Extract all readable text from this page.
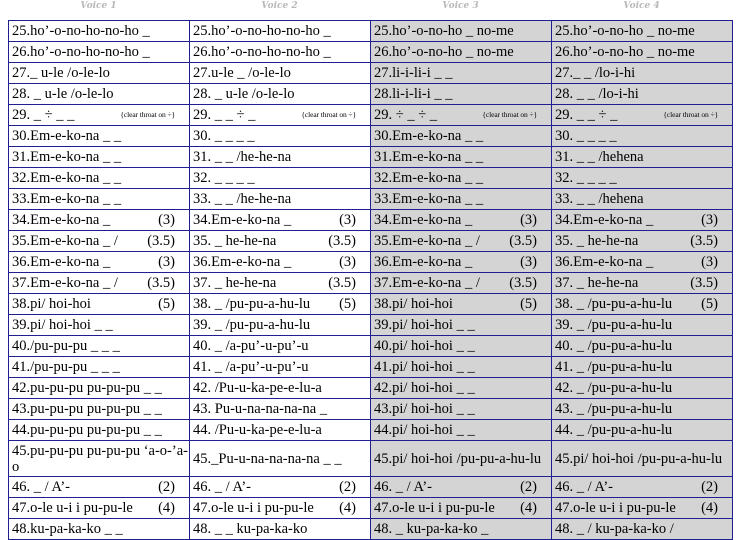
Voice 1	Voice 2	Voice 3	Voice 4
25.ho’-o-no-ho-no-ho _	25.ho’-o-no-ho-no-ho _	25.ho’-o-no-ho _ no-me	25.ho’-o-no-ho _ no-me
26.ho’-o-no-ho-no-ho _	26.ho’-o-no-ho-no-ho _	26.ho’-o-no-ho _ no-me	26.ho’-o-no-ho _ no-me
27._ u-le /o-le-lo	27.u-le _ /o-le-lo	27.li-i-li-i _ _	27._ _ /lo-i-hi
28. _ u-le /o-le-lo	28. _ u-le /o-le-lo	28.li-i-li-i _ _	28. _ _ /lo-i-hi

29. _ ÷ _ _ {clear throat on ÷}	29. _ _ ÷ _ {clear throat on ÷}	29. ÷ _ ÷ _ {clear throat on ÷}	29. _ _ ÷ _ {clear throat on ÷}

30.Em-e-ko-na _ _	30. _ _ _ _	30.Em-e-ko-na _ _	30. _ _ _ _
31.Em-e-ko-na _ _	31. _ _ /he-he-na	31.Em-e-ko-na _ _	31. _ _ /hehena
32.Em-e-ko-na _ _	32. _ _ _ _	32.Em-e-ko-na _ _	32. _ _ _ _
33.Em-e-ko-na _ _	33. _ _ /he-he-na	33.Em-e-ko-na _ _	33. _ _ /hehena

34.Em-e-ko-na _ (3)	34.Em-e-ko-na _ (3)	34.Em-e-ko-na _ (3)	34.Em-e-ko-na _ (3)

35.Em-e-ko-na _ / (3.5)	35. _ he-he-na (3.5)	35.Em-e-ko-na _ / (3.5)	35. _ he-he-na (3.5)

36.Em-e-ko-na _ (3)	36.Em-e-ko-na _ (3)	36.Em-e-ko-na _ (3)	36.Em-e-ko-na _ (3)

37.Em-e-ko-na _ / (3.5)	37. _ he-he-na (3.5)	37.Em-e-ko-na _ / (3.5)	37. _ he-he-na (3.5)

38.pi/ hoi-hoi (5)	38. _ /pu-pu-a-hu-lu (5)	38.pi/ hoi-hoi (5)	38. _ /pu-pu-a-hu-lu (5)

39.pi/ hoi-hoi _ _	39. _ /pu-pu-a-hu-lu	39.pi/ hoi-hoi _ _	39. _ /pu-pu-a-hu-lu
40./pu-pu-pu _ _ _	40. _ /a-pu’-u-pu’-u	40.pi/ hoi-hoi _ _	40. _ /pu-pu-a-hu-lu
41./pu-pu-pu _ _ _	41. _ /a-pu’-u-pu’-u	41.pi/ hoi-hoi _ _	41. _ /pu-pu-a-hu-lu
42.pu-pu-pu pu-pu-pu _ _	42. /Pu-u-ka-pe-e-lu-a	42.pi/ hoi-hoi _ _	42. _ /pu-pu-a-hu-lu
43.pu-pu-pu pu-pu-pu _ _	43. Pu-u-na-na-na-na _	43.pi/ hoi-hoi _ _	43. _ /pu-pu-a-hu-lu
44.pu-pu-pu pu-pu-pu _ _	44. /Pu-u-ka-pe-e-lu-a	44.pi/ hoi-hoi _ _	44. _ /pu-pu-a-hu-lu
45.pu-pu-pu pu-pu-pu ‘a-o-’a-o	45._Pu-u-na-na-na-na _ _	45.pi/ hoi-hoi /pu-pu-a-hu-lu	45.pi/ hoi-hoi /pu-pu-a-hu-lu

46. _ / A’- (2)	46. _ / A’- (2)	46. _ / A’- (2)	46. _ / A’- (2)

47.o-le u-i i pu-pu-le (4)	47.o-le u-i i pu-pu-le (4)	47.o-le u-i i pu-pu-le (4)	47.o-le u-i i pu-pu-le (4)

48.ku-pa-ka-ko _ _	48. _ _ ku-pa-ka-ko	48. _ ku-pa-ka-ko _	48. _ / ku-pa-ka-ko /
